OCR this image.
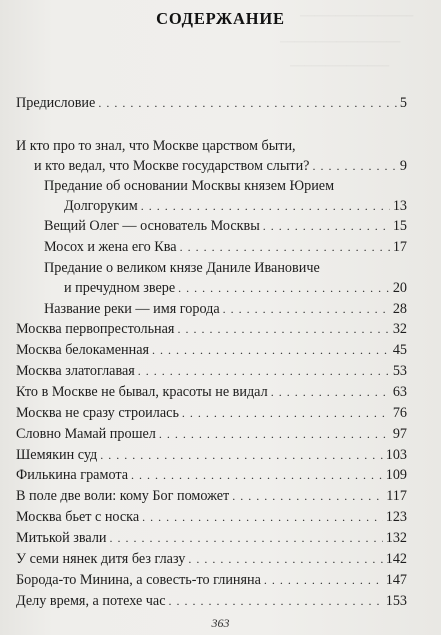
────────────────
─────────────────
──────────────
СОДЕРЖАНИЕ
Предисловие . . .	5
И кто про то знал, что Москве царством быти,
и кто ведал, что Москве государством слыти? . . .	9
Предание об основании Москвы князем Юрием
Долгоруким . . .	13
Вещий Олег — основатель Москвы . . .	15
Мосох и жена его Ква . . .	17
Предание о великом князе Даниле Ивановиче
и пречудном звере . . .	20
Название реки — имя города . . .	28
Москва первопрестольная . . .	32
Москва белокаменная . . .	45
Москва златоглавая . . .	53
Кто в Москве не бывал, красоты не видал . . .	63
Москва не сразу строилась . . .	76
Словно Мамай прошел . . .	97
Шемякин суд . . .	103
Филькина грамота . . .	109
В поле две воли: кому Бог поможет . . .	117
Москва бьет с носка . . .	123
Митькой звали . . .	132
У семи нянек дитя без глазу . . .	142
Борода-то Минина, а совесть-то глиняна . . .	147
Делу время, а потехе час . . .	153
363
